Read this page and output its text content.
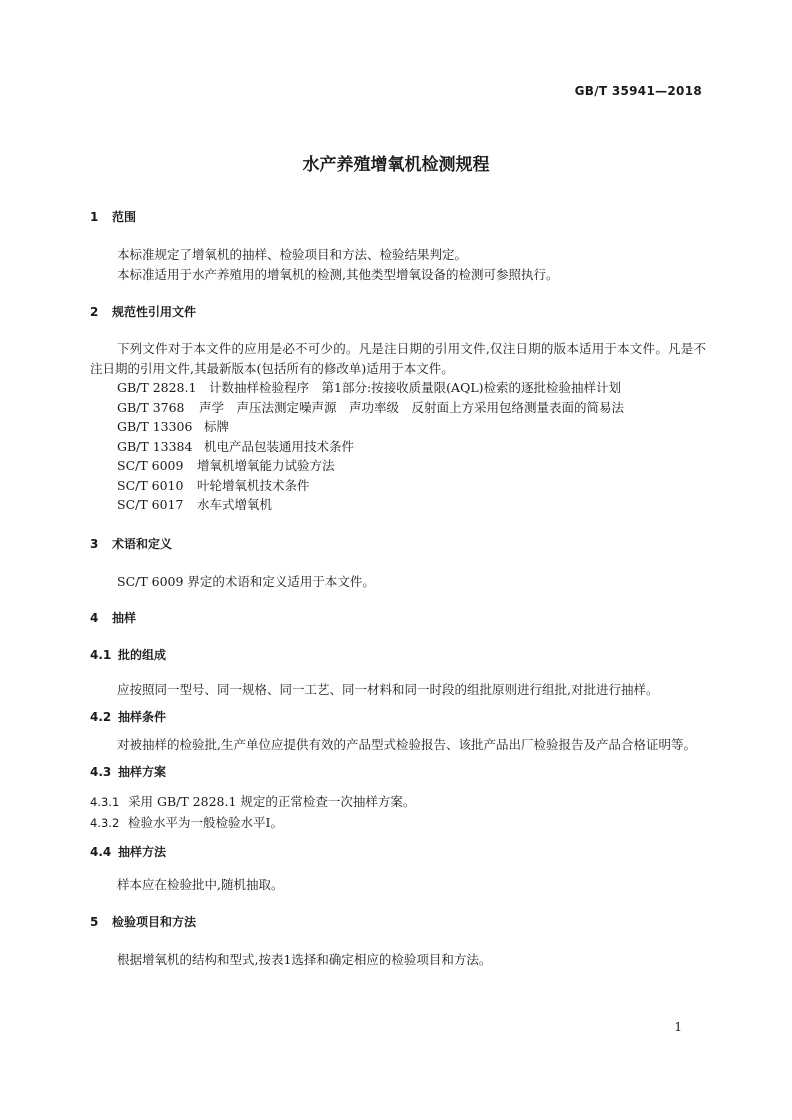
GB/T 35941—2018
水产养殖增氧机检测规程
1 范围
本标准规定了增氧机的抽样、检验项目和方法、检验结果判定。
本标准适用于水产养殖用的增氧机的检测,其他类型增氧设备的检测可参照执行。
2 规范性引用文件
下列文件对于本文件的应用是必不可少的。凡是注日期的引用文件,仅注日期的版本适用于本文件。凡是不注日期的引用文件,其最新版本(包括所有的修改单)适用于本文件。
GB/T 2828.1 计数抽样检验程序　第1部分:按接收质量限(AQL)检索的逐批检验抽样计划
GB/T 3768 声学　声压法测定噪声源　声功率级　反射面上方采用包络测量表面的简易法
GB/T 13306 标牌
GB/T 13384 机电产品包装通用技术条件
SC/T 6009 增氧机增氧能力试验方法
SC/T 6010 叶轮增氧机技术条件
SC/T 6017 水车式增氧机
3 术语和定义
SC/T 6009 界定的术语和定义适用于本文件。
4 抽样
4.1 批的组成
应按照同一型号、同一规格、同一工艺、同一材料和同一时段的组批原则进行组批,对批进行抽样。
4.2 抽样条件
对被抽样的检验批,生产单位应提供有效的产品型式检验报告、该批产品出厂检验报告及产品合格证明等。
4.3 抽样方案
4.3.1 采用 GB/T 2828.1 规定的正常检查一次抽样方案。
4.3.2 检验水平为一般检验水平Ⅰ。
4.4 抽样方法
样本应在检验批中,随机抽取。
5 检验项目和方法
根据增氧机的结构和型式,按表1选择和确定相应的检验项目和方法。
1
